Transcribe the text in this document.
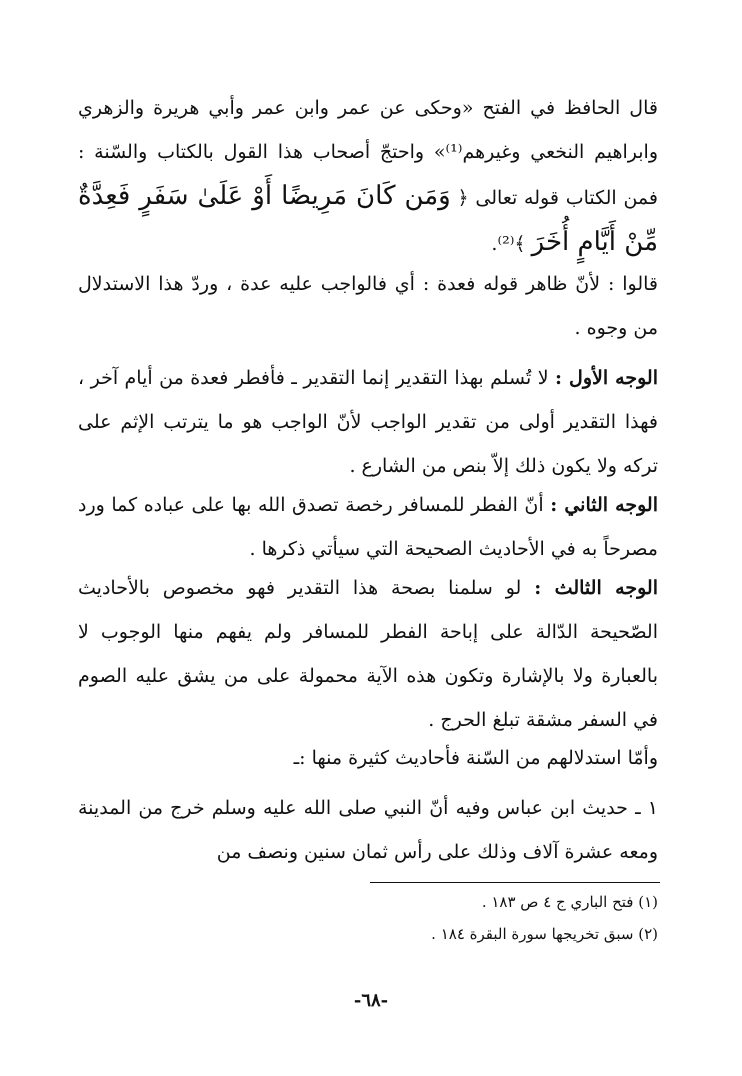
قال الحافظ في الفتح «وحكى عن عمر وابن عمر وأبي هريرة والزهري وابراهيم النخعي وغيرهم⁽¹⁾» واحتجّ أصحاب هذا القول بالكتاب والسّنة : فمن الكتاب قوله تعالى ﴿ وَمَن كَانَ مَرِيضًا أَوْ عَلَىٰ سَفَرٍ فَعِدَّةٌ مِّنْ أَيَّامٍ أُخَرَ ﴾⁽²⁾.

قالوا : لأنّ ظاهر قوله فعدة : أي فالواجب عليه عدة ، وردّ هذا الاستدلال من وجوه .

الوجه الأول : لا تُسلم بهذا التقدير إنما التقدير ـ فأفطر فعدة من أيام آخر ، فهذا التقدير أولى من تقدير الواجب لأنّ الواجب هو ما يترتب الإثم على تركه ولا يكون ذلك إلاّ بنص من الشارع .

الوجه الثاني : أنّ الفطر للمسافر رخصة تصدق الله بها على عباده كما ورد مصرحاً به في الأحاديث الصحيحة التي سيأتي ذكرها .

الوجه الثالث : لو سلمنا بصحة هذا التقدير فهو مخصوص بالأحاديث الصّحيحة الدّالة على إباحة الفطر للمسافر ولم يفهم منها الوجوب لا بالعبارة ولا بالإشارة وتكون هذه الآية محمولة على من يشق عليه الصوم في السفر مشقة تبلغ الحرج .

وأمّا استدلالهم من السّنة فأحاديث كثيرة منها :ـ

١ ـ حديث ابن عباس وفيه أنّ النبي صلى الله عليه وسلم خرج من المدينة ومعه عشرة آلاف وذلك على رأس ثمان سنين ونصف من

(١) فتح الباري ج ٤ ص ١٨٣ .
(٢) سبق تخريجها سورة البقرة ١٨٤ .
-٦٨-
